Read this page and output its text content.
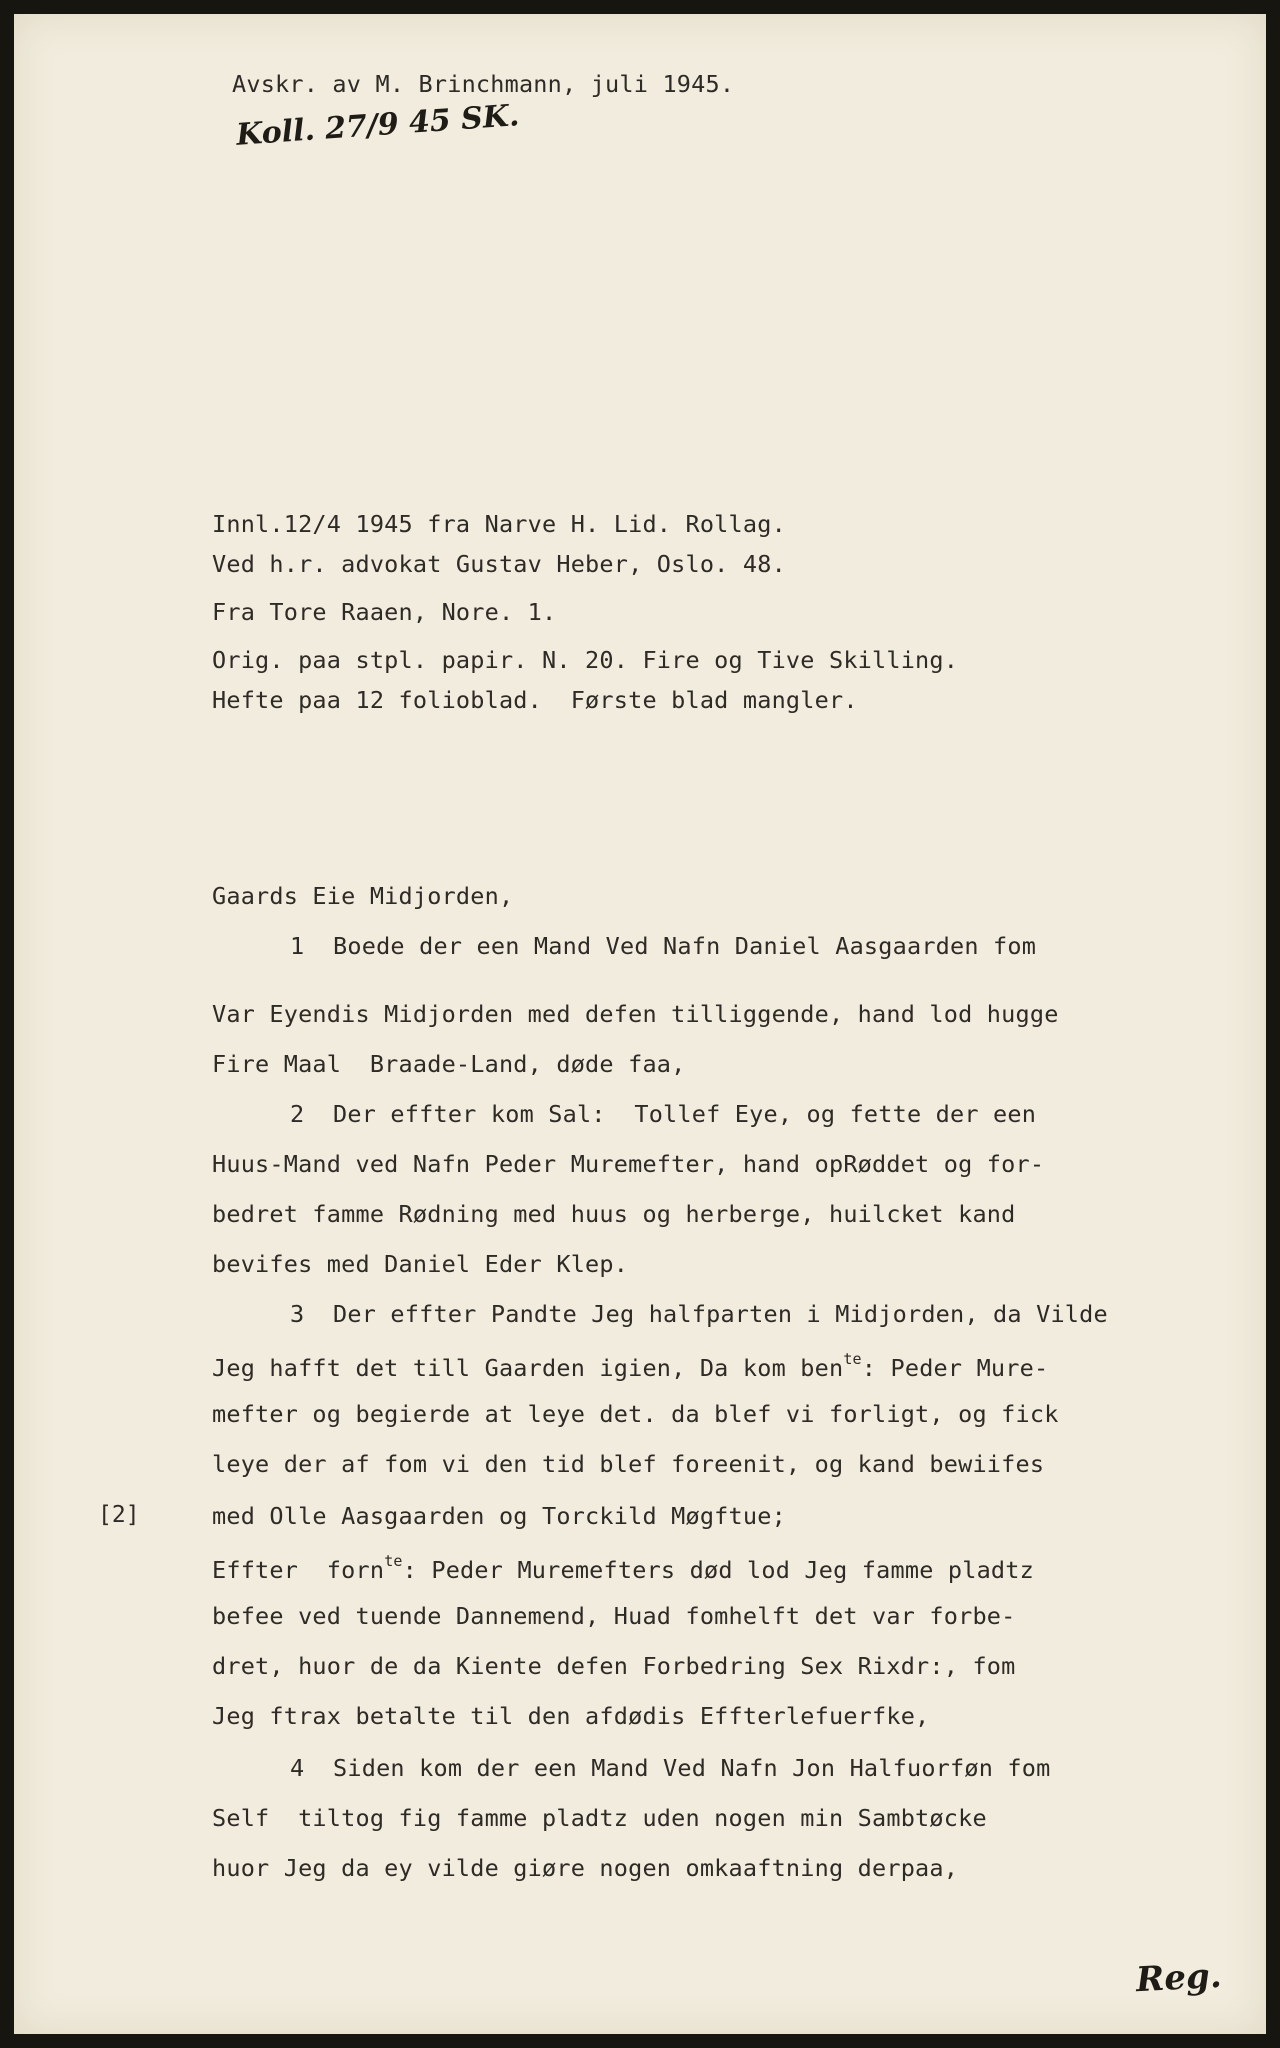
Avskr. av M. Brinchmann, juli 1945.
Koll. 27/9 45 SK.
Innl.12/4 1945 fra Narve H. Lid. Rollag.
Ved h.r. advokat Gustav Heber, Oslo. 48.
Fra Tore Raaen, Nore. 1.
Orig. paa stpl. papir. N. 20. Fire og Tive Skilling.
Hefte paa 12 folioblad.  Første blad mangler.
Gaards Eie Midjorden,
1  Boede der een Mand Ved Nafn Daniel Aasgaarden fom
Var Eyendis Midjorden med defen tilliggende, hand lod hugge
Fire Maal  Braade-Land, døde faa,
2  Der effter kom Sal:  Tollef Eye, og fette der een
Huus-Mand ved Nafn Peder Muremefter, hand opRøddet og for-
bedret famme Rødning med huus og herberge, huilcket kand
bevifes med Daniel Eder Klep.
3  Der effter Pandte Jeg halfparten i Midjorden, da Vilde
Jeg hafft det till Gaarden igien, Da kom ben$^{te}$: Peder Mure-
mefter og begierde at leye det. da blef vi forligt, og fick
leye der af fom vi den tid blef foreenit, og kand bewiifes
[2]	med Olle Aasgaarden og Torckild Møgftue;
Effter  forn$^{te}$: Peder Muremefters død lod Jeg famme pladtz
befee ved tuende Dannemend, Huad fomhelft det var forbe-
dret, huor de da Kiente defen Forbedring Sex Rixdr:, fom
Jeg ftrax betalte til den afdødis Effterlefuerfke,
4  Siden kom der een Mand Ved Nafn Jon Halfuorføn fom
Self  tiltog fig famme pladtz uden nogen min Sambtøcke
huor Jeg da ey vilde giøre nogen omkaaftning derpaa,
Reg.
